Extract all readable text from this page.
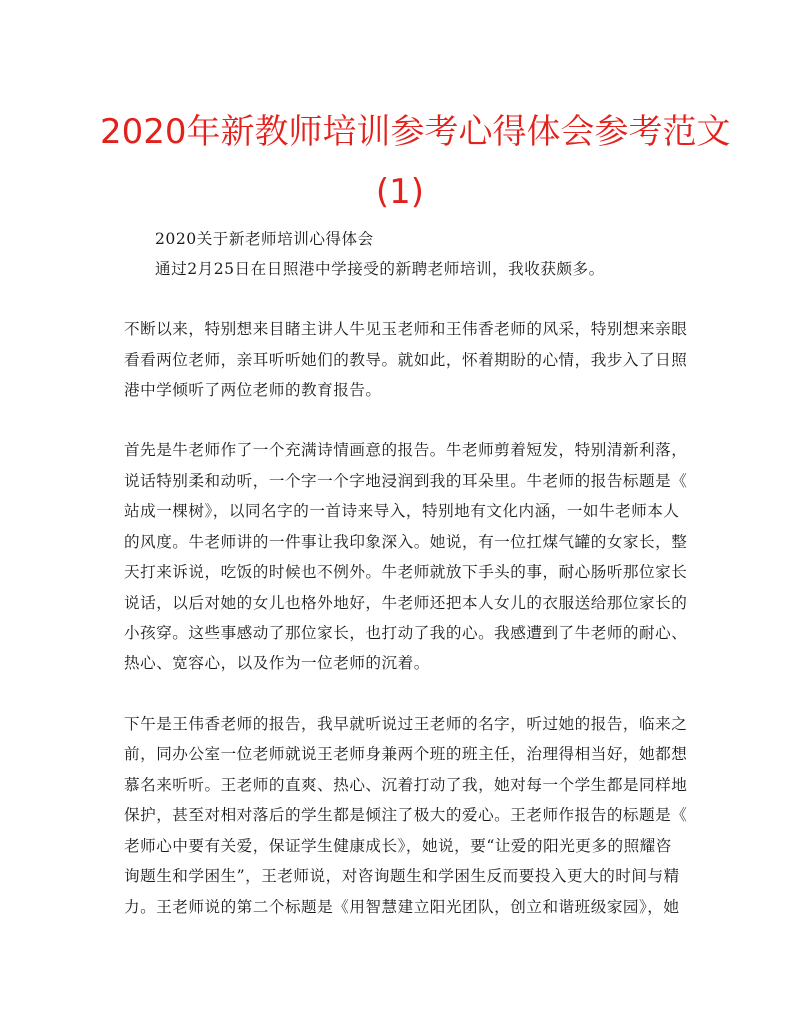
2020年新教师培训参考心得体会参考范文
(1)
2020关于新老师培训心得体会
通过2月25日在日照港中学接受的新聘老师培训，我收获颇多。
不断以来，特别想来目睹主讲人牛见玉老师和王伟香老师的风采，特别想来亲眼
看看两位老师，亲耳听听她们的教导。就如此，怀着期盼的心情，我步入了日照
港中学倾听了两位老师的教育报告。
首先是牛老师作了一个充满诗情画意的报告。牛老师剪着短发，特别清新利落，
说话特别柔和动听，一个字一个字地浸润到我的耳朵里。牛老师的报告标题是《
站成一棵树》，以同名字的一首诗来导入，特别地有文化内涵，一如牛老师本人
的风度。牛老师讲的一件事让我印象深入。她说，有一位扛煤气罐的女家长，整
天打来诉说，吃饭的时候也不例外。牛老师就放下手头的事，耐心肠听那位家长
说话，以后对她的女儿也格外地好，牛老师还把本人女儿的衣服送给那位家长的
小孩穿。这些事感动了那位家长，也打动了我的心。我感遭到了牛老师的耐心、
热心、宽容心，以及作为一位老师的沉着。
下午是王伟香老师的报告，我早就听说过王老师的名字，听过她的报告，临来之
前，同办公室一位老师就说王老师身兼两个班的班主任，治理得相当好，她都想
慕名来听听。王老师的直爽、热心、沉着打动了我，她对每一个学生都是同样地
保护，甚至对相对落后的学生都是倾注了极大的爱心。王老师作报告的标题是《
老师心中要有关爱，保证学生健康成长》，她说，要“让爱的阳光更多的照耀咨
询题生和学困生”，王老师说，对咨询题生和学困生反而要投入更大的时间与精
力。王老师说的第二个标题是《用智慧建立阳光团队，创立和谐班级家园》，她
